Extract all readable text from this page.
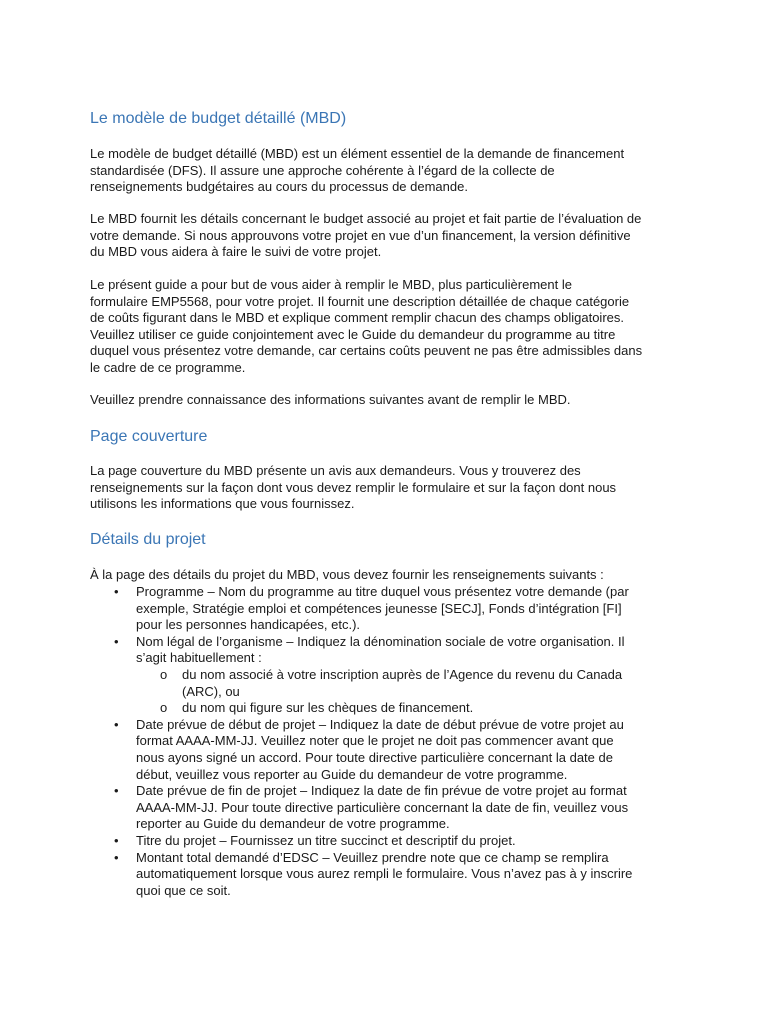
Le modèle de budget détaillé (MBD)

Le modèle de budget détaillé (MBD) est un élément essentiel de la demande de financement
standardisée (DFS). Il assure une approche cohérente à l’égard de la collecte de
renseignements budgétaires au cours du processus de demande.

Le MBD fournit les détails concernant le budget associé au projet et fait partie de l’évaluation de
votre demande. Si nous approuvons votre projet en vue d’un financement, la version définitive
du MBD vous aidera à faire le suivi de votre projet.

Le présent guide a pour but de vous aider à remplir le MBD, plus particulièrement le
formulaire EMP5568, pour votre projet. Il fournit une description détaillée de chaque catégorie
de coûts figurant dans le MBD et explique comment remplir chacun des champs obligatoires.
Veuillez utiliser ce guide conjointement avec le Guide du demandeur du programme au titre
duquel vous présentez votre demande, car certains coûts peuvent ne pas être admissibles dans
le cadre de ce programme.

Veuillez prendre connaissance des informations suivantes avant de remplir le MBD.

Page couverture

La page couverture du MBD présente un avis aux demandeurs. Vous y trouverez des
renseignements sur la façon dont vous devez remplir le formulaire et sur la façon dont nous
utilisons les informations que vous fournissez.

Détails du projet

À la page des détails du projet du MBD, vous devez fournir les renseignements suivants :

• Programme – Nom du programme au titre duquel vous présentez votre demande (par
exemple, Stratégie emploi et compétences jeunesse [SECJ], Fonds d’intégration [FI]
pour les personnes handicapées, etc.).
• Nom légal de l’organisme – Indiquez la dénomination sociale de votre organisation. Il
s’agit habituellement :
o du nom associé à votre inscription auprès de l’Agence du revenu du Canada
(ARC), ou
o du nom qui figure sur les chèques de financement.
• Date prévue de début de projet – Indiquez la date de début prévue de votre projet au
format AAAA-MM-JJ. Veuillez noter que le projet ne doit pas commencer avant que
nous ayons signé un accord. Pour toute directive particulière concernant la date de
début, veuillez vous reporter au Guide du demandeur de votre programme.
• Date prévue de fin de projet – Indiquez la date de fin prévue de votre projet au format
AAAA-MM-JJ. Pour toute directive particulière concernant la date de fin, veuillez vous
reporter au Guide du demandeur de votre programme.
• Titre du projet – Fournissez un titre succinct et descriptif du projet.
• Montant total demandé d’EDSC – Veuillez prendre note que ce champ se remplira
automatiquement lorsque vous aurez rempli le formulaire. Vous n’avez pas à y inscrire
quoi que ce soit.
